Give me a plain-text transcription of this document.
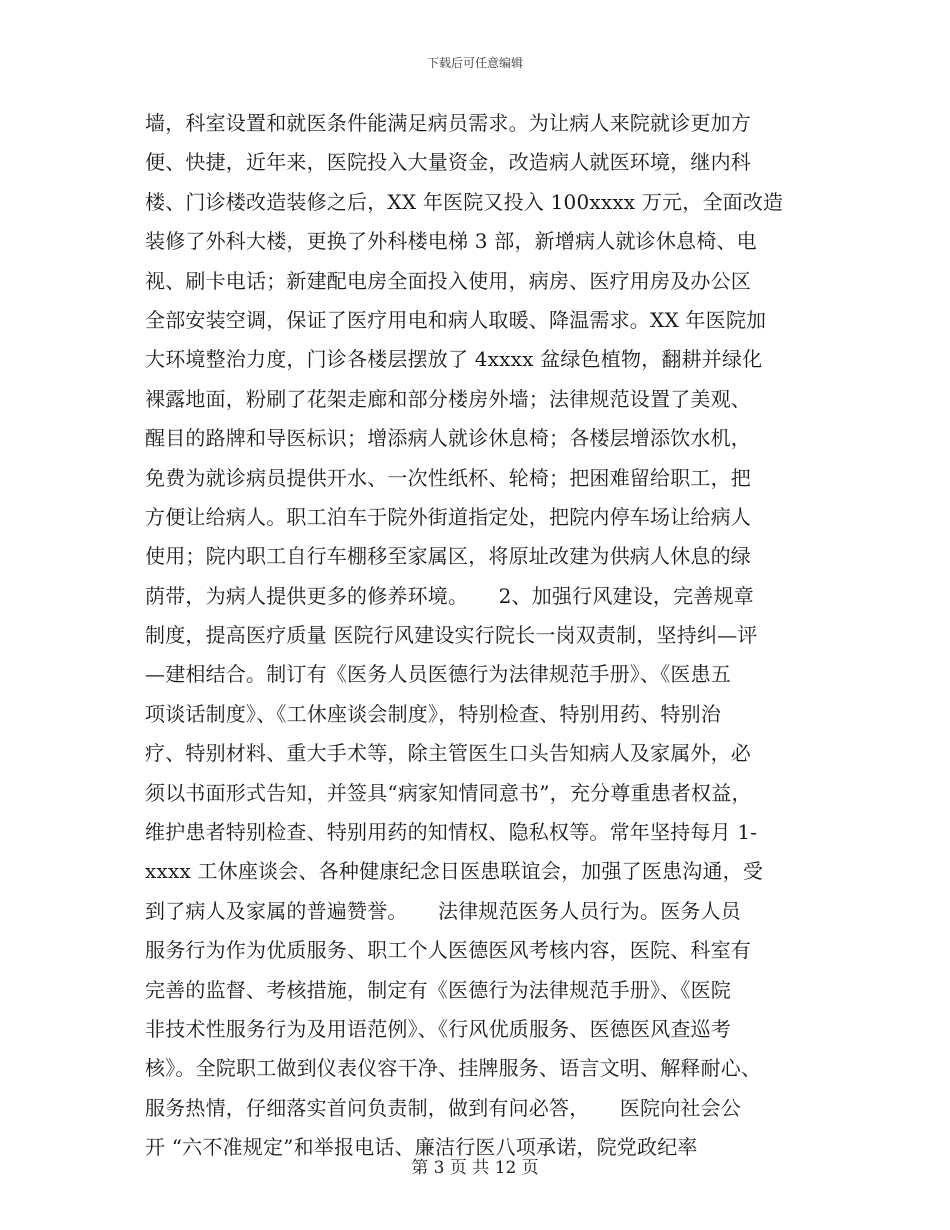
下载后可任意编辑
墙，科室设置和就医条件能满足病员需求。为让病人来院就诊更加方
便、快捷，近年来，医院投入大量资金，改造病人就医环境，继内科
楼、门诊楼改造装修之后，XX 年医院又投入 100xxxx 万元，全面改造
装修了外科大楼，更换了外科楼电梯 3 部，新增病人就诊休息椅、电
视、刷卡电话；新建配电房全面投入使用，病房、医疗用房及办公区
全部安装空调，保证了医疗用电和病人取暖、降温需求。XX 年医院加
大环境整治力度，门诊各楼层摆放了 4xxxx 盆绿色植物，翻耕并绿化
裸露地面，粉刷了花架走廊和部分楼房外墙；法律规范设置了美观、
醒目的路牌和导医标识；增添病人就诊休息椅；各楼层增添饮水机，
免费为就诊病员提供开水、一次性纸杯、轮椅；把困难留给职工，把
方便让给病人。职工泊车于院外街道指定处，把院内停车场让给病人
使用；院内职工自行车棚移至家属区，将原址改建为供病人休息的绿
荫带，为病人提供更多的修养环境。　　2、加强行风建设，完善规章
制度，提高医疗质量 医院行风建设实行院长一岗双责制，坚持纠—评
—建相结合。制订有《医务人员医德行为法律规范手册》、《医患五
项谈话制度》、《工休座谈会制度》，特别检查、特别用药、特别治
疗、特别材料、重大手术等，除主管医生口头告知病人及家属外，必
须以书面形式告知，并签具“病家知情同意书”，充分尊重患者权益，
维护患者特别检查、特别用药的知情权、隐私权等。常年坚持每月 1-
xxxx 工休座谈会、各种健康纪念日医患联谊会，加强了医患沟通，受
到了病人及家属的普遍赞誉。　　法律规范医务人员行为。医务人员
服务行为作为优质服务、职工个人医德医风考核内容，医院、科室有
完善的监督、考核措施，制定有《医德行为法律规范手册》、《医院
非技术性服务行为及用语范例》、《行风优质服务、医德医风查巡考
核》。全院职工做到仪表仪容干净、挂牌服务、语言文明、解释耐心、
服务热情，仔细落实首问负责制，做到有问必答，　　医院向社会公
开 “六不准规定”和举报电话、廉洁行医八项承诺，院党政纪率
第 3 页 共 12 页
